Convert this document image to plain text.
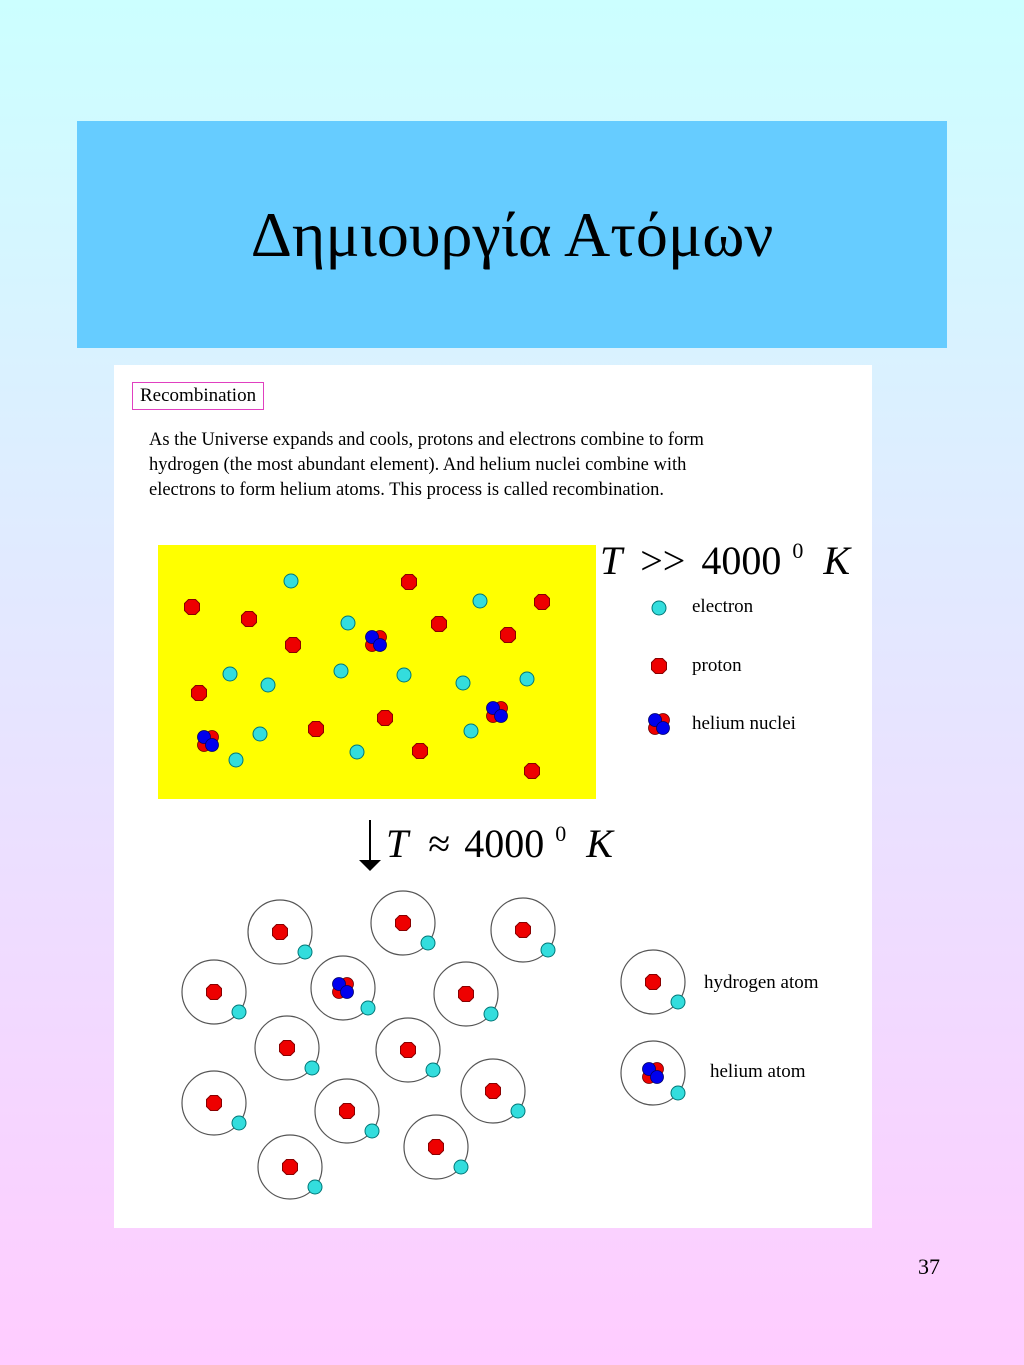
Δημιουργία Ατόμων
Recombination

As the Universe expands and cools, protons and electrons combine to form

hydrogen (the most abundant element). And helium nuclei combine with

electrons to form helium atoms. This process is called recombination.

T >> 4000 $^0$ K
electron
proton
helium nuclei
T ≈ 4000 $^0$ K
hydrogen atom
helium atom
37
